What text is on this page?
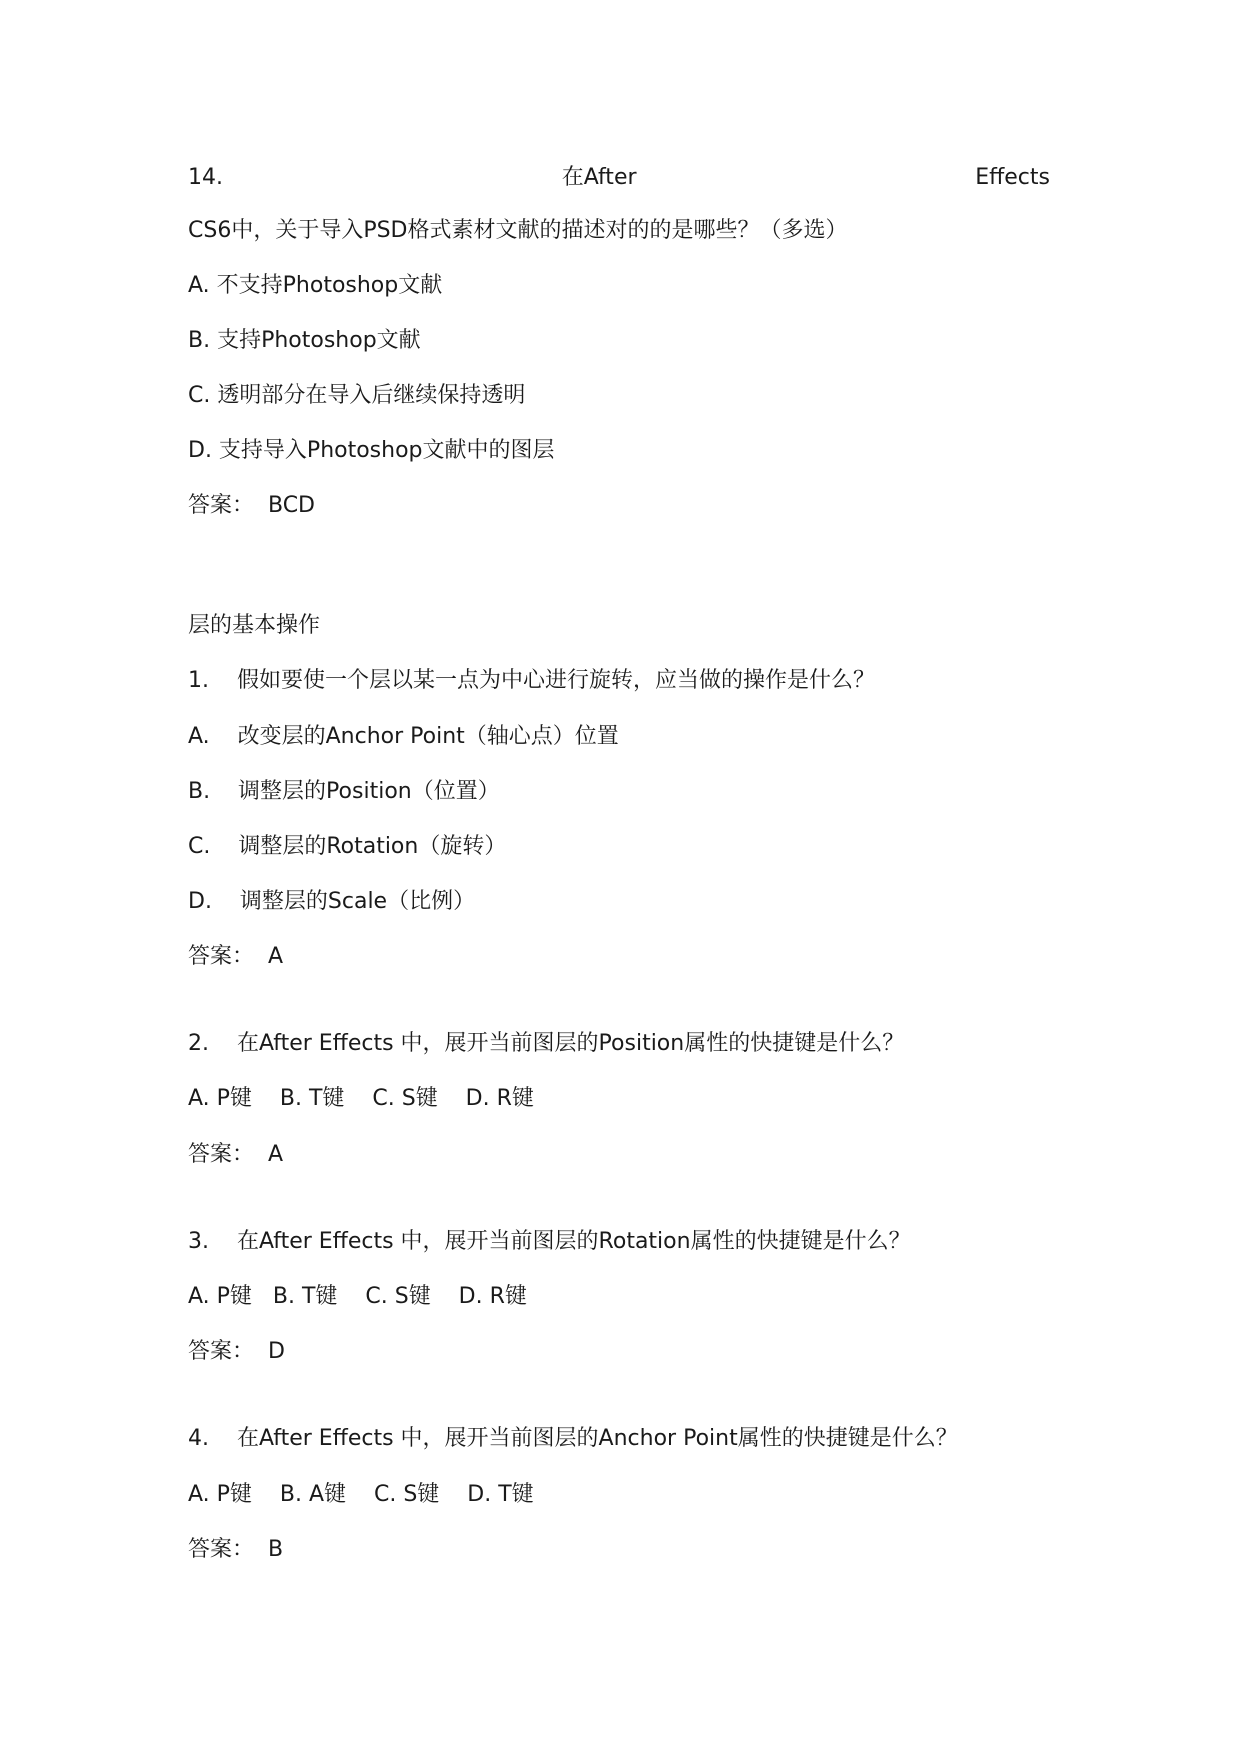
14.	在After	Effects
CS6中，关于导入PSD格式素材文献的描述对的的是哪些？（多选）
A. 不支持Photoshop文献
B. 支持Photoshop文献
C. 透明部分在导入后继续保持透明
D. 支持导入Photoshop文献中的图层
答案：  BCD
层的基本操作
1.    假如要使一个层以某一点为中心进行旋转，应当做的操作是什么？
A.    改变层的Anchor Point（轴心点）位置
B.    调整层的Position（位置）
C.    调整层的Rotation（旋转）
D.    调整层的Scale（比例）
答案：  A
2.    在After Effects 中，展开当前图层的Position属性的快捷键是什么？
A. P键    B. T键    C. S键    D. R键
答案：  A
3.    在After Effects 中，展开当前图层的Rotation属性的快捷键是什么？
A. P键   B. T键    C. S键    D. R键
答案：  D
4.    在After Effects 中，展开当前图层的Anchor Point属性的快捷键是什么？
A. P键    B. A键    C. S键    D. T键
答案：  B
